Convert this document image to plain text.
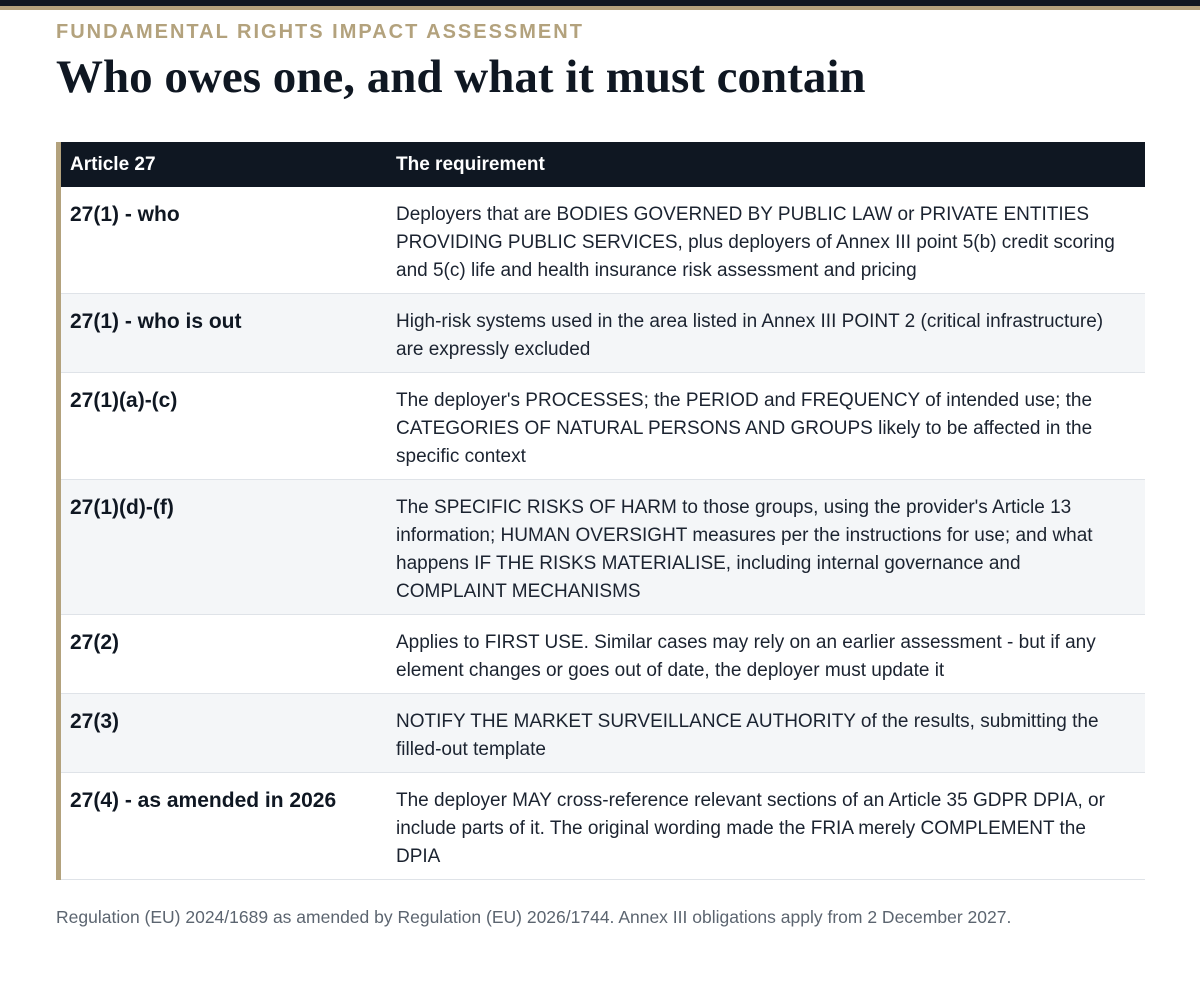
FUNDAMENTAL RIGHTS IMPACT ASSESSMENT
Who owes one, and what it must contain
Article 27	The requirement
27(1) - who	Deployers that are BODIES GOVERNED BY PUBLIC LAW or PRIVATE ENTITIES PROVIDING PUBLIC SERVICES, plus deployers of Annex III point 5(b) credit scoring and 5(c) life and health insurance risk assessment and pricing
27(1) - who is out	High-risk systems used in the area listed in Annex III POINT 2 (critical infrastructure) are expressly excluded
27(1)(a)-(c)	The deployer's PROCESSES; the PERIOD and FREQUENCY of intended use; the CATEGORIES OF NATURAL PERSONS AND GROUPS likely to be affected in the specific context
27(1)(d)-(f)	The SPECIFIC RISKS OF HARM to those groups, using the provider's Article 13 information; HUMAN OVERSIGHT measures per the instructions for use; and what happens IF THE RISKS MATERIALISE, including internal governance and COMPLAINT MECHANISMS
27(2)	Applies to FIRST USE. Similar cases may rely on an earlier assessment - but if any element changes or goes out of date, the deployer must update it
27(3)	NOTIFY THE MARKET SURVEILLANCE AUTHORITY of the results, submitting the filled-out template
27(4) - as amended in 2026	The deployer MAY cross-reference relevant sections of an Article 35 GDPR DPIA, or include parts of it. The original wording made the FRIA merely COMPLEMENT the DPIA
Regulation (EU) 2024/1689 as amended by Regulation (EU) 2026/1744. Annex III obligations apply from 2 December 2027.
